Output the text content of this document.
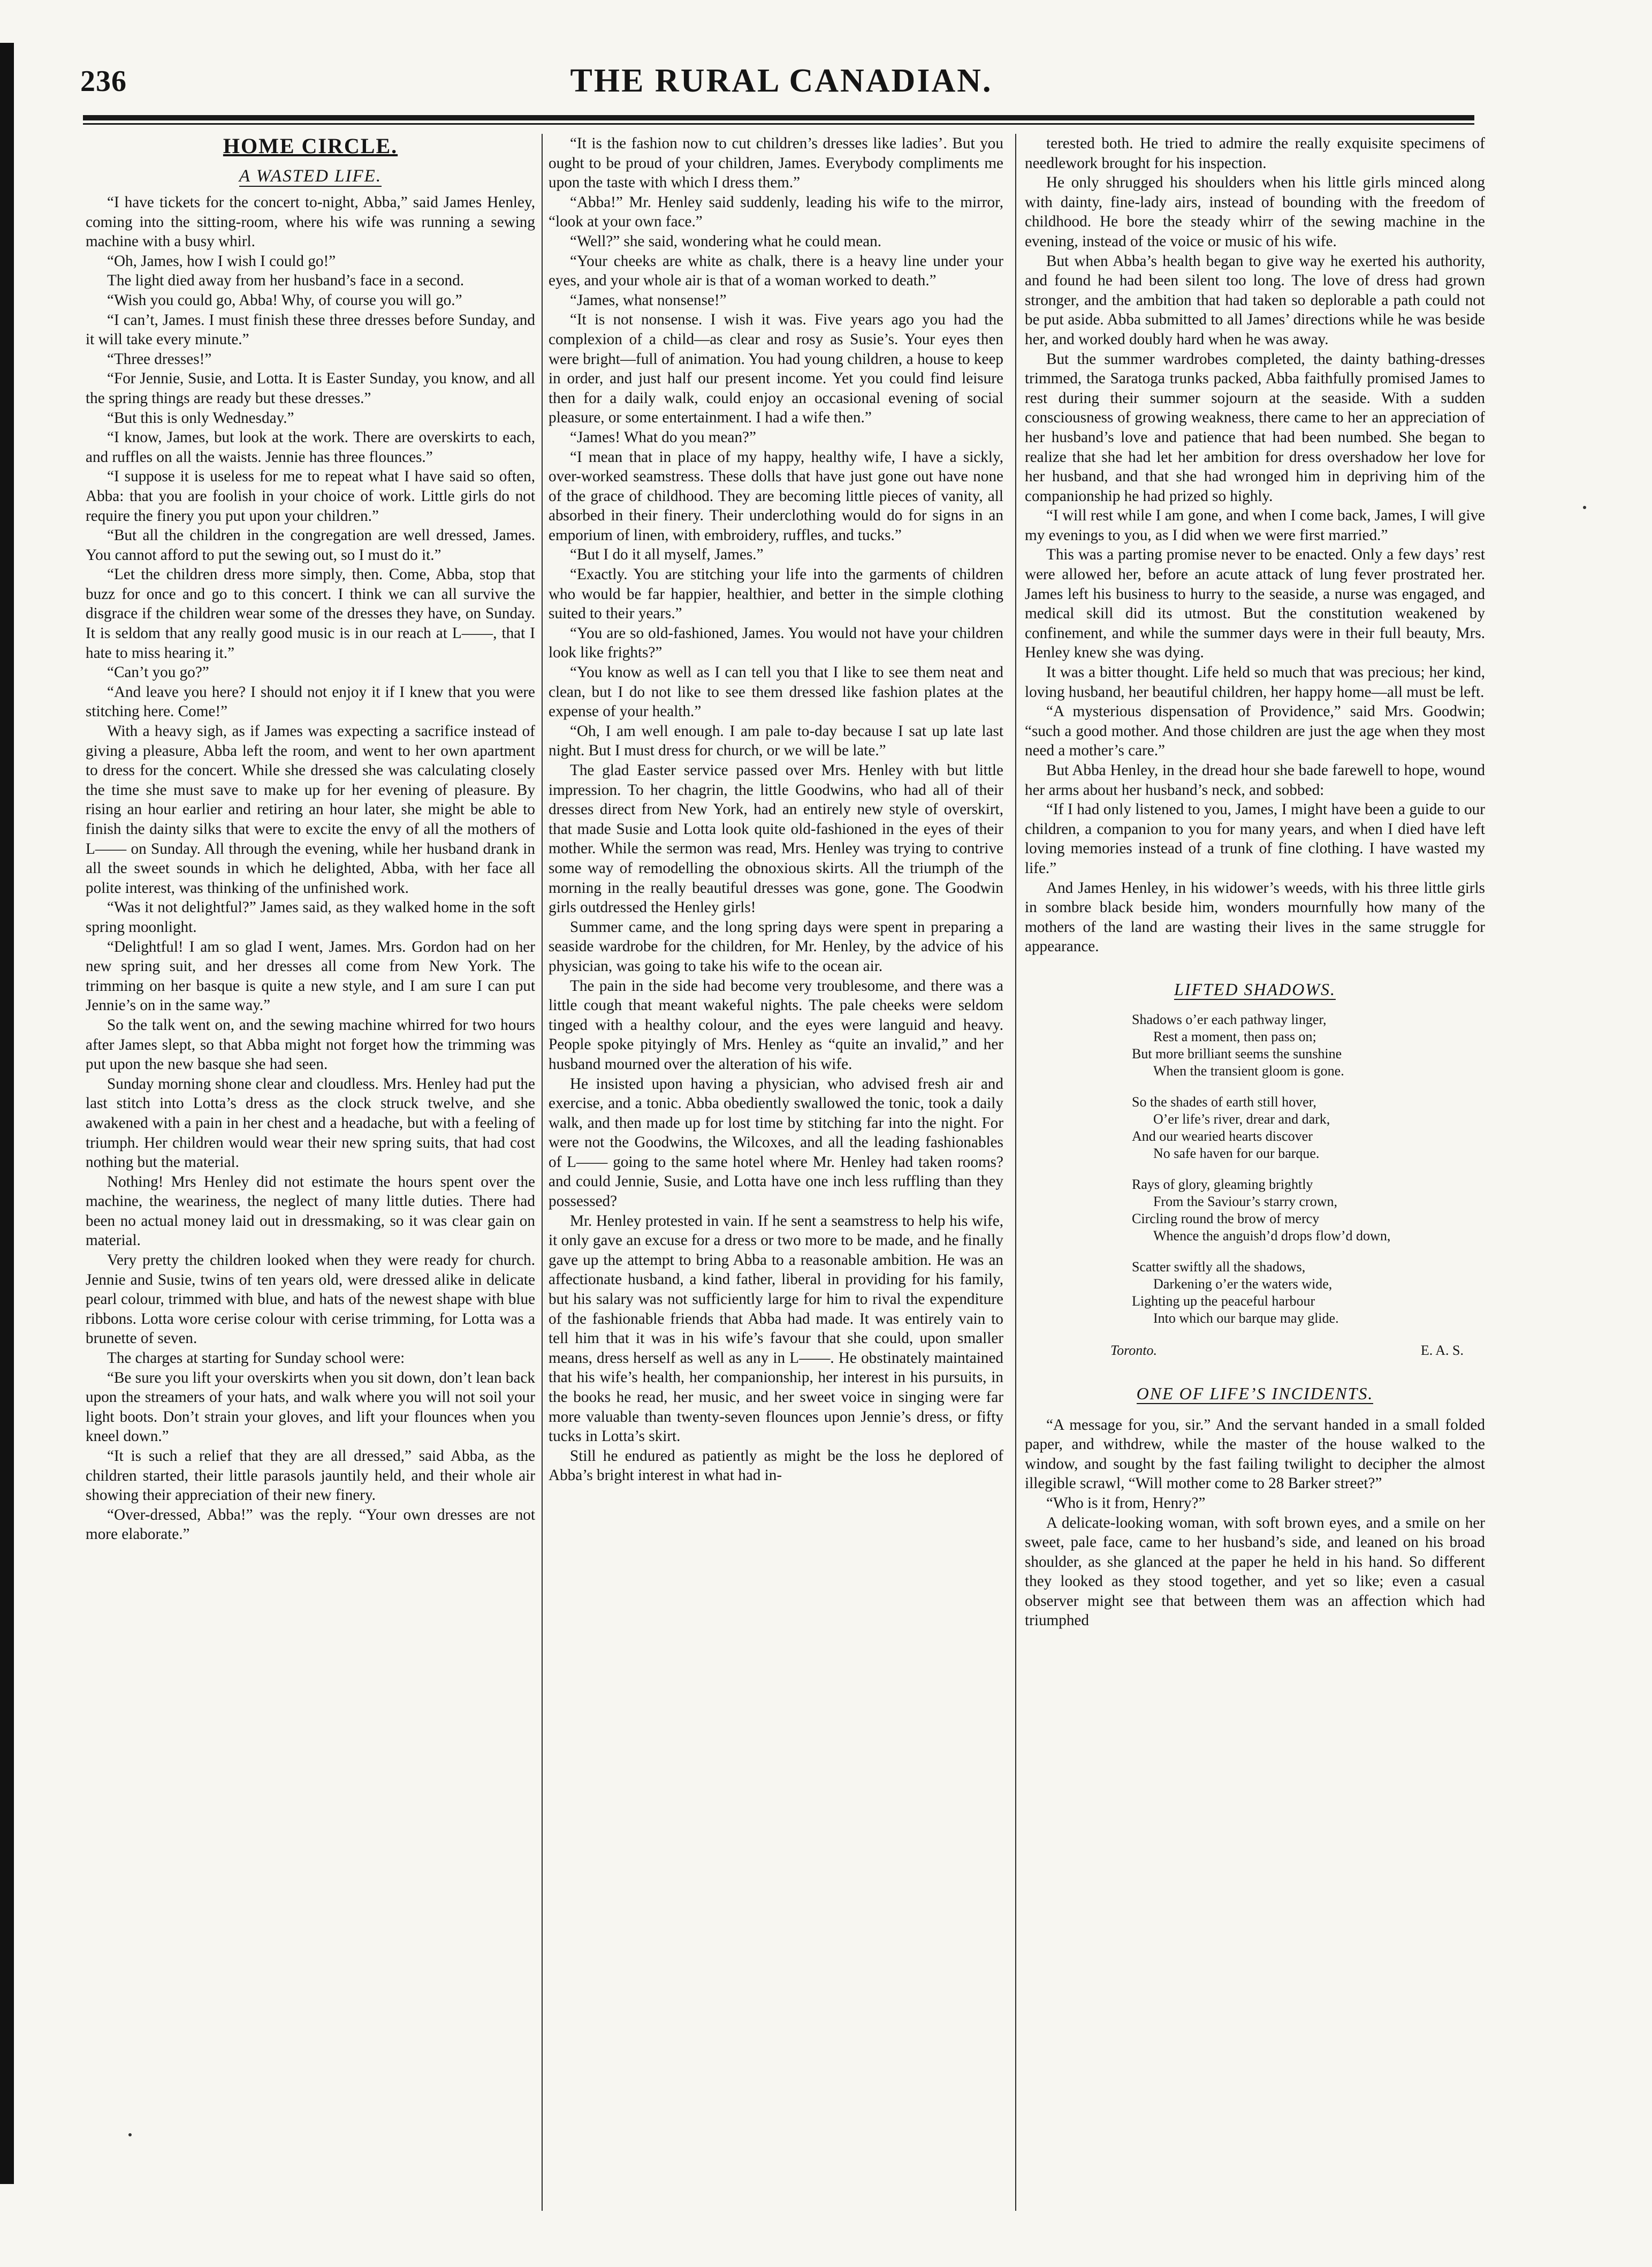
236	THE RURAL CANADIAN.
HOME CIRCLE.
A WASTED LIFE.

“I have tickets for the concert to-night, Abba,” said James Henley, coming into the sitting-room, where his wife was running a sewing machine with a busy whirl.

“Oh, James, how I wish I could go!”

The light died away from her husband’s face in a second.

“Wish you could go, Abba! Why, of course you will go.”

“I can’t, James. I must finish these three dresses before Sunday, and it will take every minute.”

“Three dresses!”

“For Jennie, Susie, and Lotta. It is Easter Sunday, you know, and all the spring things are ready but these dresses.”

“But this is only Wednesday.”

“I know, James, but look at the work. There are overskirts to each, and ruffles on all the waists. Jennie has three flounces.”

“I suppose it is useless for me to repeat what I have said so often, Abba: that you are foolish in your choice of work. Little girls do not require the finery you put upon your children.”

“But all the children in the congregation are well dressed, James. You cannot afford to put the sewing out, so I must do it.”

“Let the children dress more simply, then. Come, Abba, stop that buzz for once and go to this concert. I think we can all survive the disgrace if the children wear some of the dresses they have, on Sunday. It is seldom that any really good music is in our reach at L——, that I hate to miss hearing it.”

“Can’t you go?”

“And leave you here? I should not enjoy it if I knew that you were stitching here. Come!”

With a heavy sigh, as if James was expecting a sacrifice instead of giving a pleasure, Abba left the room, and went to her own apartment to dress for the concert. While she dressed she was calculating closely the time she must save to make up for her evening of pleasure. By rising an hour earlier and retiring an hour later, she might be able to finish the dainty silks that were to excite the envy of all the mothers of L—— on Sunday. All through the evening, while her husband drank in all the sweet sounds in which he delighted, Abba, with her face all polite interest, was thinking of the unfinished work.

“Was it not delightful?” James said, as they walked home in the soft spring moonlight.

“Delightful! I am so glad I went, James. Mrs. Gordon had on her new spring suit, and her dresses all come from New York. The trimming on her basque is quite a new style, and I am sure I can put Jennie’s on in the same way.”

So the talk went on, and the sewing machine whirred for two hours after James slept, so that Abba might not forget how the trimming was put upon the new basque she had seen.

Sunday morning shone clear and cloudless. Mrs. Henley had put the last stitch into Lotta’s dress as the clock struck twelve, and she awakened with a pain in her chest and a headache, but with a feeling of triumph. Her children would wear their new spring suits, that had cost nothing but the material.

Nothing! Mrs Henley did not estimate the hours spent over the machine, the weariness, the neglect of many little duties. There had been no actual money laid out in dressmaking, so it was clear gain on material.

Very pretty the children looked when they were ready for church. Jennie and Susie, twins of ten years old, were dressed alike in delicate pearl colour, trimmed with blue, and hats of the newest shape with blue ribbons. Lotta wore cerise colour with cerise trimming, for Lotta was a brunette of seven.

The charges at starting for Sunday school were:

“Be sure you lift your overskirts when you sit down, don’t lean back upon the streamers of your hats, and walk where you will not soil your light boots. Don’t strain your gloves, and lift your flounces when you kneel down.”

“It is such a relief that they are all dressed,” said Abba, as the children started, their little parasols jauntily held, and their whole air showing their appreciation of their new finery.

“Over-dressed, Abba!” was the reply. “Your own dresses are not more elaborate.”

“It is the fashion now to cut children’s dresses like ladies’. But you ought to be proud of your children, James. Everybody compliments me upon the taste with which I dress them.”

“Abba!” Mr. Henley said suddenly, leading his wife to the mirror, “look at your own face.”

“Well?” she said, wondering what he could mean.

“Your cheeks are white as chalk, there is a heavy line under your eyes, and your whole air is that of a woman worked to death.”

“James, what nonsense!”

“It is not nonsense. I wish it was. Five years ago you had the complexion of a child—as clear and rosy as Susie’s. Your eyes then were bright—full of animation. You had young children, a house to keep in order, and just half our present income. Yet you could find leisure then for a daily walk, could enjoy an occasional evening of social pleasure, or some entertainment. I had a wife then.”

“James! What do you mean?”

“I mean that in place of my happy, healthy wife, I have a sickly, over-worked seamstress. These dolls that have just gone out have none of the grace of childhood. They are becoming little pieces of vanity, all absorbed in their finery. Their underclothing would do for signs in an emporium of linen, with embroidery, ruffles, and tucks.”

“But I do it all myself, James.”

“Exactly. You are stitching your life into the garments of children who would be far happier, healthier, and better in the simple clothing suited to their years.”

“You are so old-fashioned, James. You would not have your children look like frights?”

“You know as well as I can tell you that I like to see them neat and clean, but I do not like to see them dressed like fashion plates at the expense of your health.”

“Oh, I am well enough. I am pale to-day because I sat up late last night. But I must dress for church, or we will be late.”

The glad Easter service passed over Mrs. Henley with but little impression. To her chagrin, the little Goodwins, who had all of their dresses direct from New York, had an entirely new style of overskirt, that made Susie and Lotta look quite old-fashioned in the eyes of their mother. While the sermon was read, Mrs. Henley was trying to contrive some way of remodelling the obnoxious skirts. All the triumph of the morning in the really beautiful dresses was gone, gone. The Goodwin girls outdressed the Henley girls!

Summer came, and the long spring days were spent in preparing a seaside wardrobe for the children, for Mr. Henley, by the advice of his physician, was going to take his wife to the ocean air.

The pain in the side had become very troublesome, and there was a little cough that meant wakeful nights. The pale cheeks were seldom tinged with a healthy colour, and the eyes were languid and heavy. People spoke pityingly of Mrs. Henley as “quite an invalid,” and her husband mourned over the alteration of his wife.

He insisted upon having a physician, who advised fresh air and exercise, and a tonic. Abba obediently swallowed the tonic, took a daily walk, and then made up for lost time by stitching far into the night. For were not the Goodwins, the Wilcoxes, and all the leading fashionables of L—— going to the same hotel where Mr. Henley had taken rooms? and could Jennie, Susie, and Lotta have one inch less ruffling than they possessed?

Mr. Henley protested in vain. If he sent a seamstress to help his wife, it only gave an excuse for a dress or two more to be made, and he finally gave up the attempt to bring Abba to a reasonable ambition. He was an affectionate husband, a kind father, liberal in providing for his family, but his salary was not sufficiently large for him to rival the expenditure of the fashionable friends that Abba had made. It was entirely vain to tell him that it was in his wife’s favour that she could, upon smaller means, dress herself as well as any in L——. He obstinately maintained that his wife’s health, her companionship, her interest in his pursuits, in the books he read, her music, and her sweet voice in singing were far more valuable than twenty-seven flounces upon Jennie’s dress, or fifty tucks in Lotta’s skirt.

Still he endured as patiently as might be the loss he deplored of Abba’s bright interest in what had in-

terested both. He tried to admire the really exquisite specimens of needlework brought for his inspection.

He only shrugged his shoulders when his little girls minced along with dainty, fine-lady airs, instead of bounding with the freedom of childhood. He bore the steady whirr of the sewing machine in the evening, instead of the voice or music of his wife.

But when Abba’s health began to give way he exerted his authority, and found he had been silent too long. The love of dress had grown stronger, and the ambition that had taken so deplorable a path could not be put aside. Abba submitted to all James’ directions while he was beside her, and worked doubly hard when he was away.

But the summer wardrobes completed, the dainty bathing-dresses trimmed, the Saratoga trunks packed, Abba faithfully promised James to rest during their summer sojourn at the seaside. With a sudden consciousness of growing weakness, there came to her an appreciation of her husband’s love and patience that had been numbed. She began to realize that she had let her ambition for dress overshadow her love for her husband, and that she had wronged him in depriving him of the companionship he had prized so highly.

“I will rest while I am gone, and when I come back, James, I will give my evenings to you, as I did when we were first married.”

This was a parting promise never to be enacted. Only a few days’ rest were allowed her, before an acute attack of lung fever prostrated her. James left his business to hurry to the seaside, a nurse was engaged, and medical skill did its utmost. But the constitution weakened by confinement, and while the summer days were in their full beauty, Mrs. Henley knew she was dying.

It was a bitter thought. Life held so much that was precious; her kind, loving husband, her beautiful children, her happy home—all must be left.

“A mysterious dispensation of Providence,” said Mrs. Goodwin; “such a good mother. And those children are just the age when they most need a mother’s care.”

But Abba Henley, in the dread hour she bade farewell to hope, wound her arms about her husband’s neck, and sobbed:

“If I had only listened to you, James, I might have been a guide to our children, a companion to you for many years, and when I died have left loving memories instead of a trunk of fine clothing. I have wasted my life.”

And James Henley, in his widower’s weeds, with his three little girls in sombre black beside him, wonders mournfully how many of the mothers of the land are wasting their lives in the same struggle for appearance.

LIFTED SHADOWS.
Shadows o’er each pathway linger,
Rest a moment, then pass on;
But more brilliant seems the sunshine
When the transient gloom is gone.
So the shades of earth still hover,
O’er life’s river, drear and dark,
And our wearied hearts discover
No safe haven for our barque.
Rays of glory, gleaming brightly
From the Saviour’s starry crown,
Circling round the brow of mercy
Whence the anguish’d drops flow’d down,
Scatter swiftly all the shadows,
Darkening o’er the waters wide,
Lighting up the peaceful harbour
Into which our barque may glide.
Toronto.	E. A. S.
ONE OF LIFE’S INCIDENTS.

“A message for you, sir.” And the servant handed in a small folded paper, and withdrew, while the master of the house walked to the window, and sought by the fast failing twilight to decipher the almost illegible scrawl, “Will mother come to 28 Barker street?”

“Who is it from, Henry?”

A delicate-looking woman, with soft brown eyes, and a smile on her sweet, pale face, came to her husband’s side, and leaned on his broad shoulder, as she glanced at the paper he held in his hand. So different they looked as they stood together, and yet so like; even a casual observer might see that between them was an affection which had triumphed
